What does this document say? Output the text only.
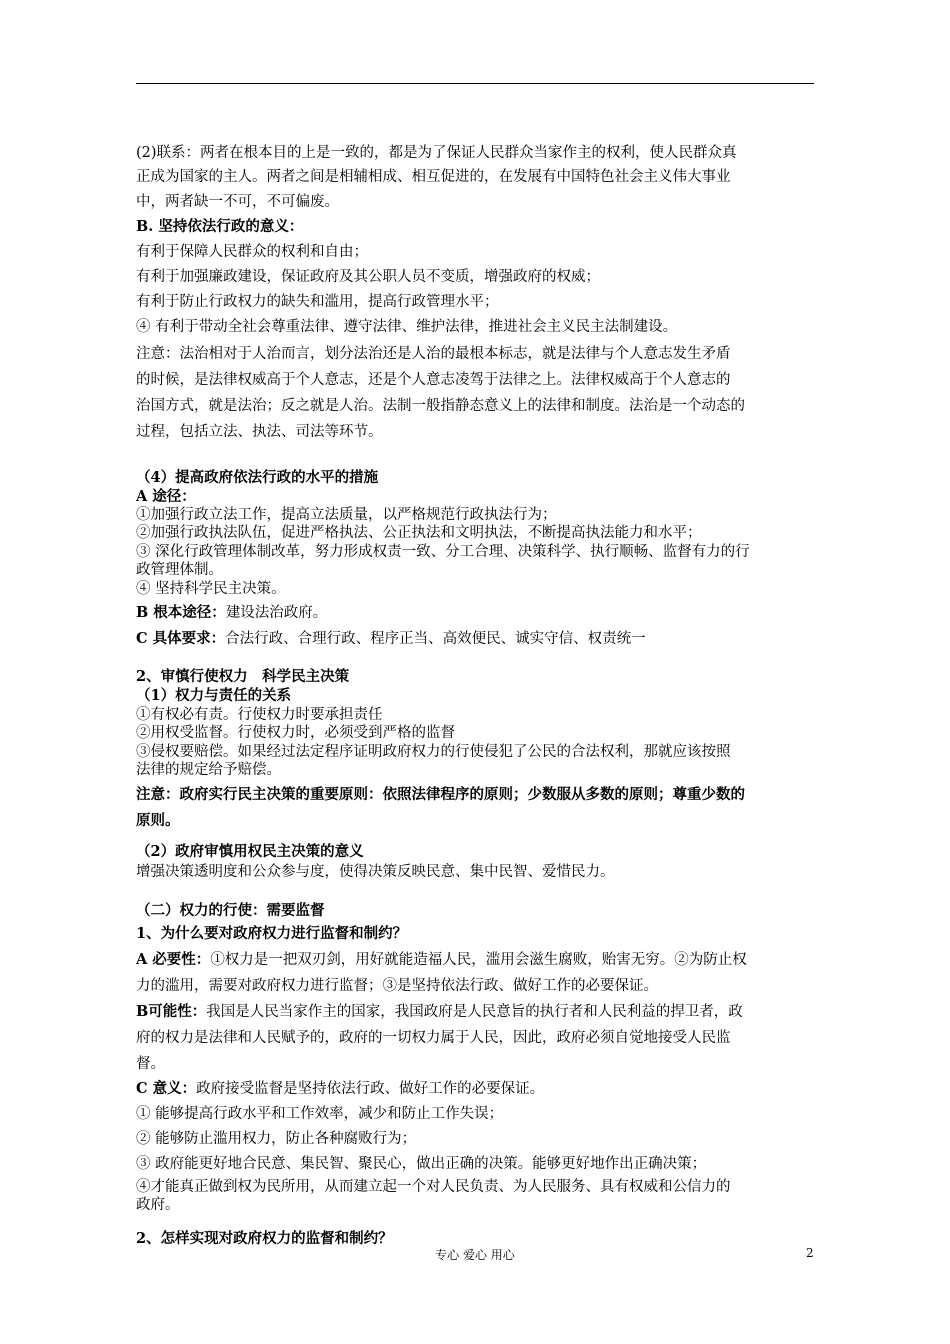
(2)联系：两者在根本目的上是一致的，都是为了保证人民群众当家作主的权利，使人民群众真
正成为国家的主人。两者之间是相辅相成、相互促进的，在发展有中国特色社会主义伟大事业
中，两者缺一不可，不可偏废。
B. 坚持依法行政的意义：
有利于保障人民群众的权利和自由；
有利于加强廉政建设，保证政府及其公职人员不变质，增强政府的权威；
有利于防止行政权力的缺失和滥用，提高行政管理水平；
④ 有利于带动全社会尊重法律、遵守法律、维护法律，推进社会主义民主法制建设。
注意：法治相对于人治而言，划分法治还是人治的最根本标志，就是法律与个人意志发生矛盾
的时候，是法律权威高于个人意志，还是个人意志凌驾于法律之上。法律权威高于个人意志的
治国方式，就是法治；反之就是人治。法制一般指静态意义上的法律和制度。法治是一个动态的
过程，包括立法、执法、司法等环节。
（4）提高政府依法行政的水平的措施
A 途径：
①加强行政立法工作，提高立法质量，以严格规范行政执法行为；
②加强行政执法队伍，促进严格执法、公正执法和文明执法，不断提高执法能力和水平；
③ 深化行政管理体制改革，努力形成权责一致、分工合理、决策科学、执行顺畅、监督有力的行
政管理体制。
④ 坚持科学民主决策。
B 根本途径：建设法治政府。
C 具体要求：合法行政、合理行政、程序正当、高效便民、诚实守信、权责统一
2、审慎行使权力　科学民主决策
（1）权力与责任的关系
①有权必有责。行使权力时要承担责任
②用权受监督。行使权力时，必须受到严格的监督
③侵权要赔偿。如果经过法定程序证明政府权力的行使侵犯了公民的合法权利，那就应该按照
法律的规定给予赔偿。
注意：政府实行民主决策的重要原则：依照法律程序的原则；少数服从多数的原则；尊重少数的
原则。
（2）政府审慎用权民主决策的意义
增强决策透明度和公众参与度，使得决策反映民意、集中民智、爱惜民力。
（二）权力的行使：需要监督
1、为什么要对政府权力进行监督和制约？
A 必要性：①权力是一把双刃剑，用好就能造福人民，滥用会滋生腐败，贻害无穷。②为防止权
力的滥用，需要对政府权力进行监督；③是坚持依法行政、做好工作的必要保证。
B可能性：我国是人民当家作主的国家，我国政府是人民意旨的执行者和人民利益的捍卫者，政
府的权力是法律和人民赋予的，政府的一切权力属于人民，因此，政府必须自觉地接受人民监
督。
C 意义：政府接受监督是坚持依法行政、做好工作的必要保证。
① 能够提高行政水平和工作效率，减少和防止工作失误；
② 能够防止滥用权力，防止各种腐败行为；
③ 政府能更好地合民意、集民智、聚民心，做出正确的决策。能够更好地作出正确决策；
④才能真正做到权为民所用，从而建立起一个对人民负责、为人民服务、具有权威和公信力的
政府。
2、怎样实现对政府权力的监督和制约？
专心 爱心 用心	2
